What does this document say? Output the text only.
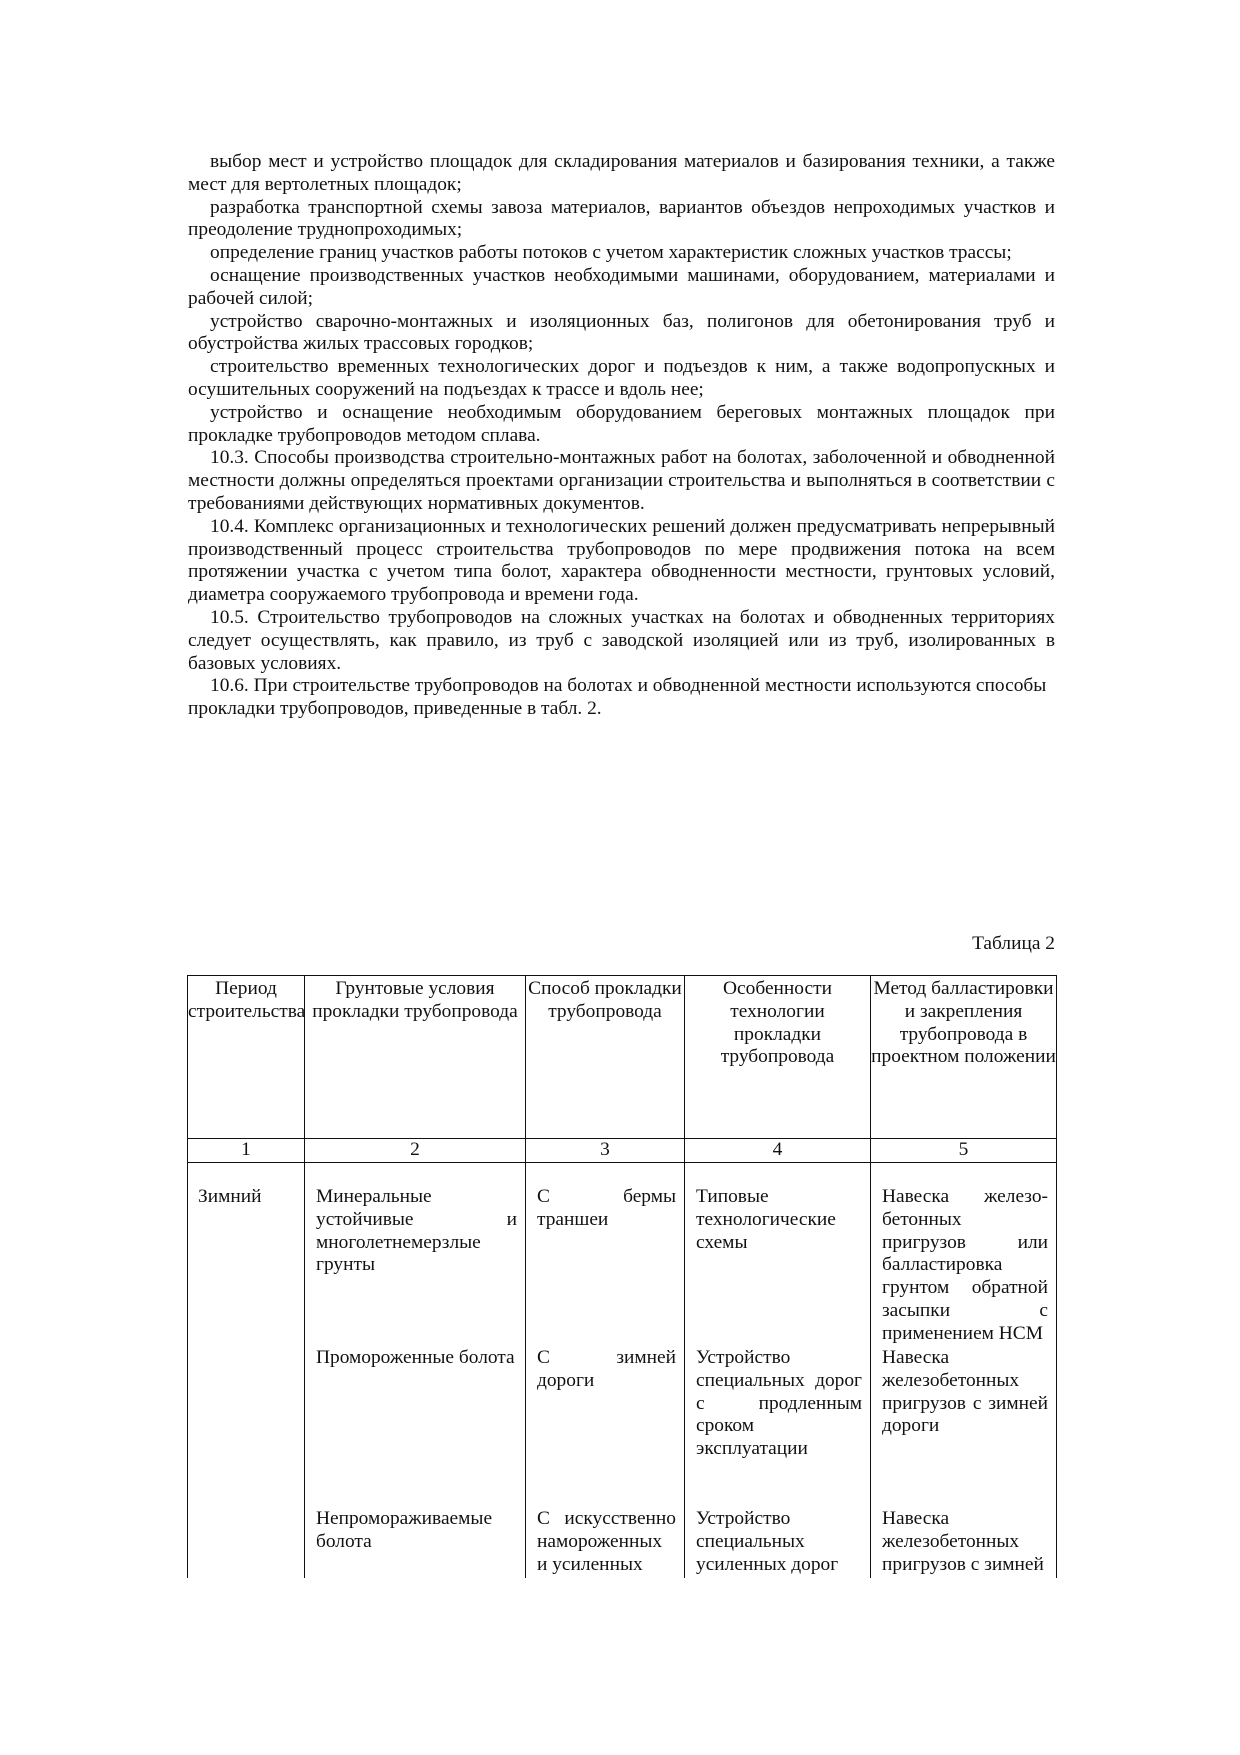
выбор мест и устройство площадок для складирования материалов и базирования техники, а также мест для вертолетных площадок;

разработка транспортной схемы завоза материалов, вариантов объездов непроходимых участков и преодоление труднопроходимых;

определение границ участков работы потоков с учетом характеристик сложных участков трассы;

оснащение производственных участков необходимыми машинами, оборудованием, материалами и рабочей силой;

устройство сварочно-монтажных и изоляционных баз, полигонов для обетонирования труб и обустройства жилых трассовых городков;

строительство временных технологических дорог и подъездов к ним, а также водопропускных и осушительных сооружений на подъездах к трассе и вдоль нее;

устройство и оснащение необходимым оборудованием береговых монтажных площадок при прокладке трубопроводов методом сплава.

10.3. Способы производства строительно-монтажных работ на болотах, заболоченной и обводненной местности должны определяться проектами организации строительства и выполняться в соответствии с требованиями действующих нормативных документов.

10.4. Комплекс организационных и технологических решений должен предусматривать непрерывный производственный процесс строительства трубопроводов по мере продвижения потока на всем протяжении участка с учетом типа болот, характера обводненности местности, грунтовых условий, диаметра сооружаемого трубопровода и времени года.

10.5. Строительство трубопроводов на сложных участках на болотах и обводненных территориях следует осуществлять, как правило, из труб с заводской изоляцией или из труб, изолированных в базовых условиях.

10.6. При строительстве трубопроводов на болотах и обводненной местности используются способы прокладки трубопроводов, приведенные в табл. 2.

Таблица 2
Период строительства	Грунтовые условия прокладки трубопровода	Способ прокладки трубопровода	Особенности технологии прокладки трубопровода	Метод балластировки и закрепления трубопровода в проектном положении
1	2	3	4	5

Зимний	Минеральные устойчивые и многолетнемерзлые грунты	С бермы траншеи	Типовые технологические схемы	Навеска железо-бетонных пригрузов или балластировка грунтом обратной засыпки с применением НСМ
	Промороженные болота	С зимней дороги	Устройство специальных дорог с продленным сроком эксплуатации	Навеска железобетонных пригрузов с зимней дороги
	Непромораживаемые болота	С искусственно намороженных и усиленных	Устройство специальных усиленных дорог	Навеска железобетонных пригрузов с зимней
